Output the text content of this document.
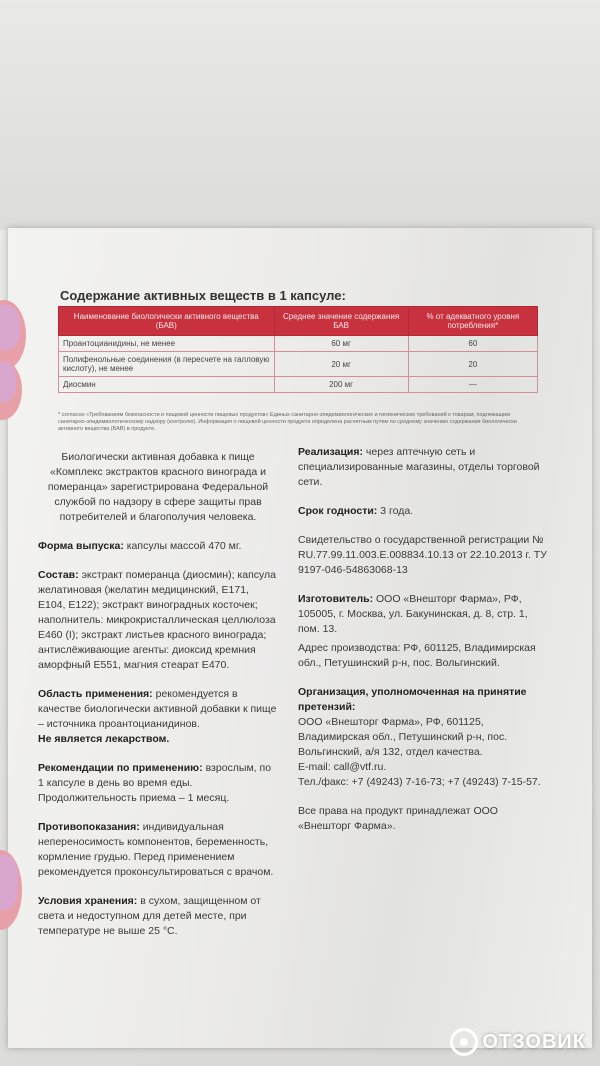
Содержание активных веществ в 1 капсуле:
Наименование биологически активного вещества (БАВ)	Среднее значение содержания БАВ	% от адекватного уровня потребления*
Проантоцианидины, не менее	60 мг	60
Полифенольные соединения (в пересчете на галловую кислоту), не менее	20 мг	20
Диосмин	200 мг	—
* согласно «Требованиям безопасности и пищевой ценности пищевых продуктов» Единых санитарно-эпидемиологических и гигиенических требований к товарам, подлежащим санитарно-эпидемиологическому надзору (контролю). Информация о пищевой ценности продукта определена расчетным путем по среднему значению содержания биологически активного вещества (БАВ) в продукте.

Биологически активная добавка к пище «Комплекс экстрактов красного винограда и померанца» зарегистрирована Федеральной службой по надзору в сфере защиты прав потребителей и благополучия человека.

Форма выпуска: капсулы массой 470 мг.

Состав: экстракт померанца (диосмин); капсула желатиновая (желатин медицинский, E171, E104, E122); экстракт виноградных косточек; наполнитель: микрокристаллическая целлюлоза E460 (I); экстракт листьев красного винограда; антислёживающие агенты: диоксид кремния аморфный E551, магния стеарат E470.

Область применения: рекомендуется в качестве биологически активной добавки к пище – источника проантоцианидинов.
Не является лекарством.

Рекомендации по применению: взрослым, по 1 капсуле в день во время еды. Продолжительность приема – 1 месяц.

Противопоказания: индивидуальная непереносимость компонентов, беременность, кормление грудью. Перед применением рекомендуется проконсультироваться с врачом.

Условия хранения: в сухом, защищенном от света и недоступном для детей месте, при температуре не выше 25 °С.

Реализация: через аптечную сеть и специализированные магазины, отделы торговой сети.

Срок годности: 3 года.

Свидетельство о государственной регистрации № RU.77.99.11.003.Е.008834.10.13 от 22.10.2013 г. ТУ 9197-046-54863068-13

Изготовитель: ООО «Внешторг Фарма», РФ, 105005, г. Москва, ул. Бакунинская, д. 8, стр. 1, пом. 13.

Адрес производства: РФ, 601125, Владимирская обл., Петушинский р-н, пос. Вольгинский.

Организация, уполномоченная на принятие претензий:
ООО «Внешторг Фарма», РФ, 601125, Владимирская обл., Петушинский р-н, пос. Вольгинский, а/я 132, отдел качества.
E-mail: call@vtf.ru.
Тел./факс: +7 (49243) 7-16-73; +7 (49243) 7-15-57.

Все права на продукт принадлежат ООО «Внешторг Фарма».

ОТЗОВИК
